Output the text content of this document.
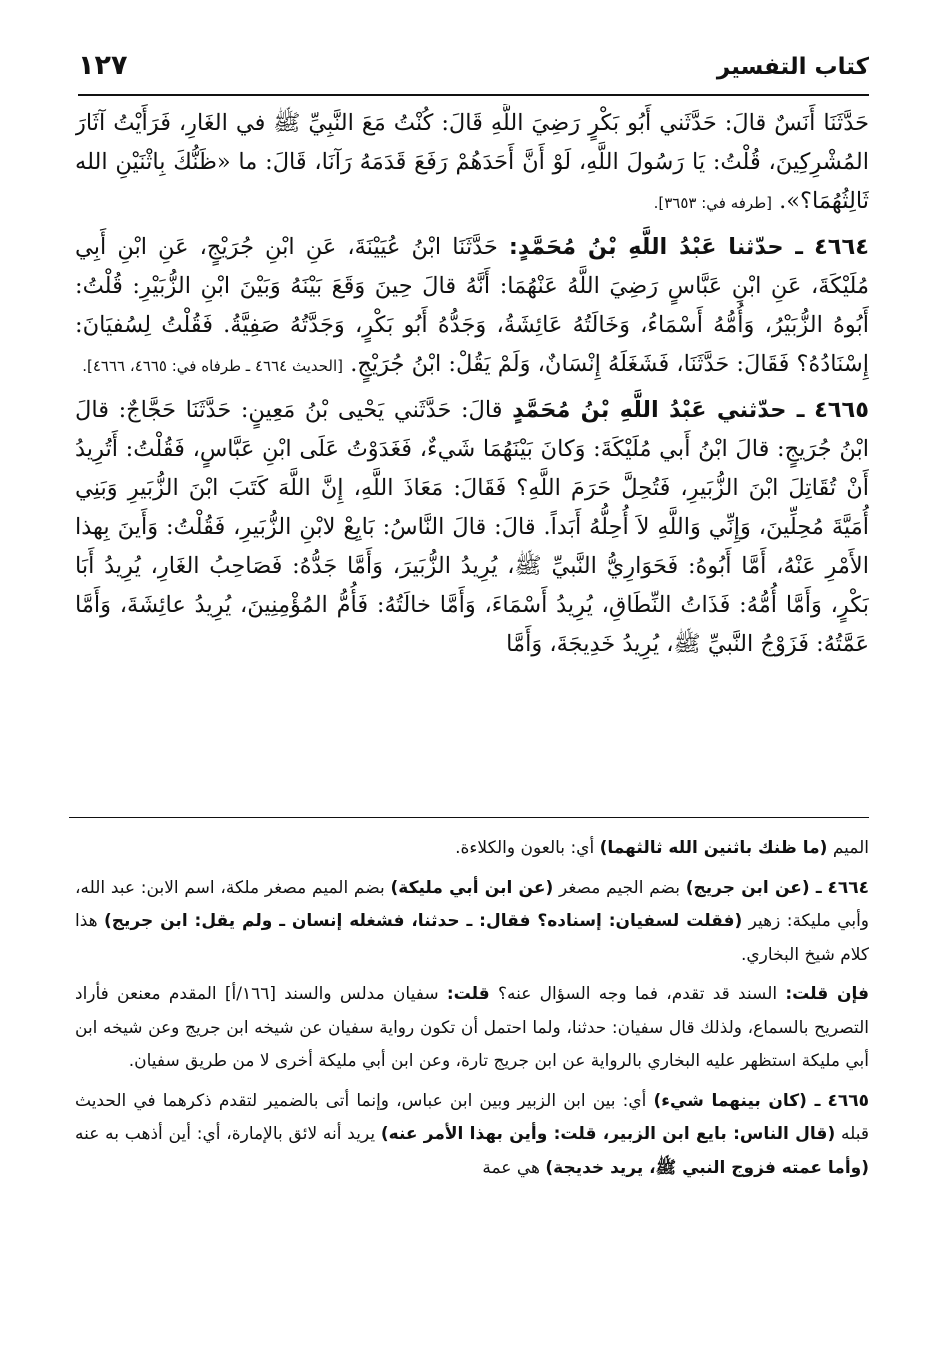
كتاب التفسير
١٢٧

حَدَّثَنَا أَنَسٌ قالَ: حَدَّثَني أَبُو بَكْرٍ رَضِيَ اللَّهِ قَالَ: كُنْتُ مَعَ النَّبِيِّ ﷺ في الغَارِ، فَرَأَيْتُ آثَارَ المُشْرِكِينَ، قُلْتُ: يَا رَسُولَ اللَّهِ، لَوْ أَنَّ أَحَدَهُمْ رَفَعَ قَدَمَهُ رَآنَا، قَالَ: ما «ظَنُّكَ بِاثْنَيْنِ الله ثَالِثُهُمَا؟». [طرفه في: ٣٦٥٣].

٤٦٦٤ ـ حدّثنا عَبْدُ اللَّهِ بْنُ مُحَمَّدٍ: حَدَّثَنَا ابْنُ عُيَيْنَةَ، عَنِ ابْنِ جُرَيْجٍ، عَنِ ابْنِ أَبِي مُلَيْكَةَ، عَنِ ابْنِ عَبَّاسٍ رَضِيَ اللَّهُ عَنْهُمَا: أَنَّهُ قالَ حِينَ وَقَعَ بَيْنَهُ وَبَيْنَ ابْنِ الزُّبَيْرِ: قُلْتُ: أَبُوهُ الزُّبَيْرُ، وَأُمُّهُ أَسْمَاءُ، وَخَالَتُهُ عَائِشَةُ، وَجَدُّهُ أَبُو بَكْرٍ، وَجَدَّتُهُ صَفِيَّةُ. فَقُلْتُ لِسُفيَانَ: إِسْنَادُهُ؟ فَقَالَ: حَدَّثَنَا، فَشَغَلَهُ إِنْسَانٌ، وَلَمْ يَقُلْ: ابْنُ جُرَيْجٍ. [الحديث ٤٦٦٤ ـ طرفاه في: ٤٦٦٥، ٤٦٦٦].

٤٦٦٥ ـ حدّثني عَبْدُ اللَّهِ بْنُ مُحَمَّدٍ قالَ: حَدَّثَني يَحْيى بْنُ مَعِينٍ: حَدَّثَنَا حَجَّاجٌ: قالَ ابْنُ جُرَيجٍ: قالَ ابْنُ أَبي مُلَيْكَةَ: وَكانَ بَيْنَهُمَا شَيءٌ، فَغَدَوْتُ عَلَى ابْنِ عَبَّاسٍ، فَقُلْتُ: أَتُرِيدُ أَنْ تُقَاتِلَ ابْنَ الزُّبَيرِ، فَتُحِلَّ حَرَمَ اللَّهِ؟ فَقَالَ: مَعَاذَ اللَّهِ، إِنَّ اللَّهَ كَتَبَ ابْنَ الزُّبَيرِ وَبَنِي أُمَيَّةَ مُحِلِّينَ، وَإِنِّي وَاللَّهِ لاَ أُحِلُّهُ أَبَداً. قالَ: قالَ النَّاسُ: بَايِعْ لابْنِ الزُّبَيرِ، فَقُلْتُ: وَأَينَ بِهذا الأَمْرِ عَنْهُ، أَمَّا أَبُوهُ: فَحَوَارِيُّ النَّبيِّ ﷺ، يُرِيدُ الزُّبَيرَ، وَأَمَّا جَدُّهُ: فَصَاحِبُ الغَارِ، يُرِيدُ أَبَا بَكْرٍ، وَأَمَّا أُمُّهُ: فَذَاتُ النِّطَاقِ، يُرِيدُ أَسْمَاءَ، وَأَمَّا خالَتُهُ: فَأُمُّ المُؤْمِنِينَ، يُرِيدُ عائِشَةَ، وَأَمَّا عَمَّتُهُ: فَزَوْجُ النَّبيِّ ﷺ، يُرِيدُ خَدِيجَةَ، وَأَمَّا

الميم (ما ظنك باثنين الله ثالثهما) أي: بالعون والكلاءة.

٤٦٦٤ ـ (عن ابن جريج) بضم الجيم مصغر (عن ابن أبي مليكة) بضم الميم مصغر ملكة، اسم الابن: عبد الله، وأبي مليكة: زهير (فقلت لسفيان: إسناده؟ فقال: ـ حدثنا، فشغله إنسان ـ ولم يقل: ابن جريج) هذا كلام شيخ البخاري.

فإن قلت: السند قد تقدم، فما وجه السؤال عنه؟ قلت: سفيان مدلس والسند [١٦٦/أ] المقدم معنعن فأراد التصريح بالسماع، ولذلك قال سفيان: حدثنا، ولما احتمل أن تكون رواية سفيان عن شيخه ابن جريج وعن شيخه ابن أبي مليكة استظهر عليه البخاري بالرواية عن ابن جريج تارة، وعن ابن أبي مليكة أخرى لا من طريق سفيان.

٤٦٦٥ ـ (كان بينهما شيء) أي: بين ابن الزبير وبين ابن عباس، وإنما أتى بالضمير لتقدم ذكرهما في الحديث قبله (قال الناس: بايع ابن الزبير، قلت: وأين بهذا الأمر عنه) يريد أنه لائق بالإمارة، أي: أين أذهب به عنه (وأما عمته فزوج النبي ﷺ، يريد خديجة) هي عمة
